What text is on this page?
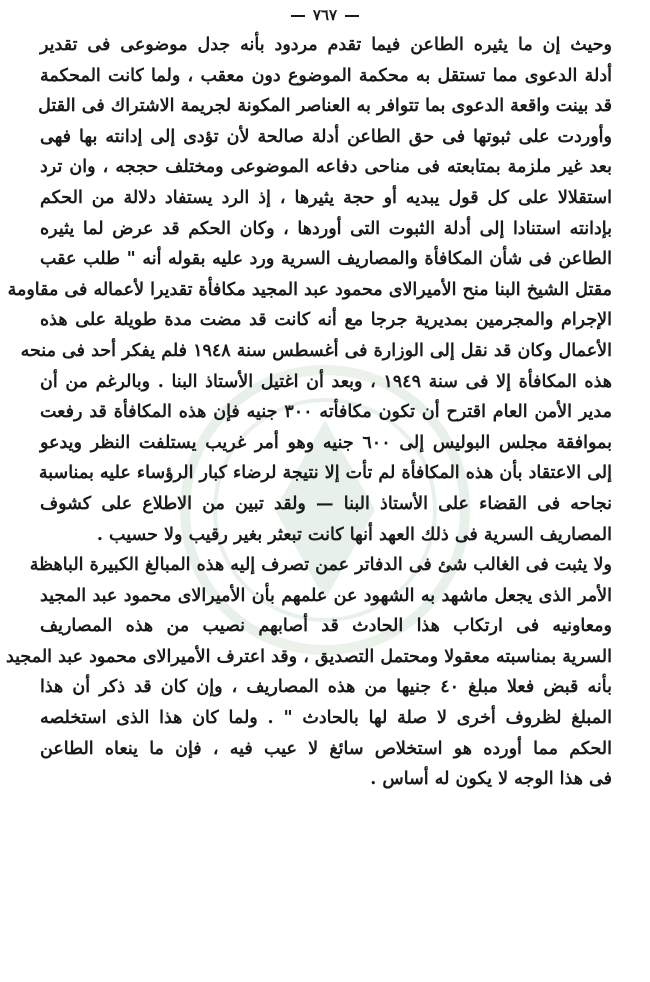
٧٦٧
وحيث إن ما يثيره الطاعن فيما تقدم مردود بأنه جدل موضوعى فى تقدير
أدلة الدعوى مما تستقل به محكمة الموضوع دون معقب ، ولما كانت المحكمة
قد بينت واقعة الدعوى بما تتوافر به العناصر المكونة لجريمة الاشتراك فى القتل
وأوردت على ثبوتها فى حق الطاعن أدلة صالحة لأن تؤدى إلى إدانته بها فهى
بعد غير ملزمة بمتابعته فى مناحى دفاعه الموضوعى ومختلف حججه ، وان ترد
استقلالا على كل قول يبديه أو حجة يثيرها ، إذ الرد يستفاد دلالة من الحكم
بإدانته استنادا إلى أدلة الثبوت التى أوردها ، وكان الحكم قد عرض لما يثيره
الطاعن فى شأن المكافأة والمصاريف السرية ورد عليه بقوله أنه " طلب عقب
مقتل الشيخ البنا منح الأميرالاى محمود عبد المجيد مكافأة تقديرا لأعماله فى مقاومة
الإجرام والمجرمين بمديرية جرجا مع أنه كانت قد مضت مدة طويلة على هذه
الأعمال وكان قد نقل إلى الوزارة فى أغسطس سنة ١٩٤٨ فلم يفكر أحد فى منحه
هذه المكافأة إلا فى سنة ١٩٤٩ ، وبعد أن اغتيل الأستاذ البنا . وبالرغم من أن
مدير الأمن العام اقترح أن تكون مكافأته ٣٠٠ جنيه فإن هذه المكافأة قد رفعت
بموافقة مجلس البوليس إلى ٦٠٠ جنيه وهو أمر غريب يستلفت النظر ويدعو
إلى الاعتقاد بأن هذه المكافأة لم تأت إلا نتيجة لرضاء كبار الرؤساء عليه بمناسبة
نجاحه فى القضاء على الأستاذ البنا — ولقد تبين من الاطلاع على كشوف
المصاريف السرية فى ذلك العهد أنها كانت تبعثر بغير رقيب ولا حسيب .
ولا يثبت فى الغالب شئ فى الدفاتر عمن تصرف إليه هذه المبالغ الكبيرة الباهظة
الأمر الذى يجعل ماشهد به الشهود عن علمهم بأن الأميرالاى محمود عبد المجيد
ومعاونيه فى ارتكاب هذا الحادث قد أصابهم نصيب من هذه المصاريف
السرية بمناسبته معقولا ومحتمل التصديق ، وقد اعترف الأميرالاى محمود عبد المجيد
بأنه قبض فعلا مبلغ ٤٠ جنيها من هذه المصاريف ، وإن كان قد ذكر أن هذا
المبلغ لظروف أخرى لا صلة لها بالحادث " . ولما كان هذا الذى استخلصه
الحكم مما أورده هو استخلاص سائغ لا عيب فيه ، فإن ما ينعاه الطاعن
فى هذا الوجه لا يكون له أساس .
